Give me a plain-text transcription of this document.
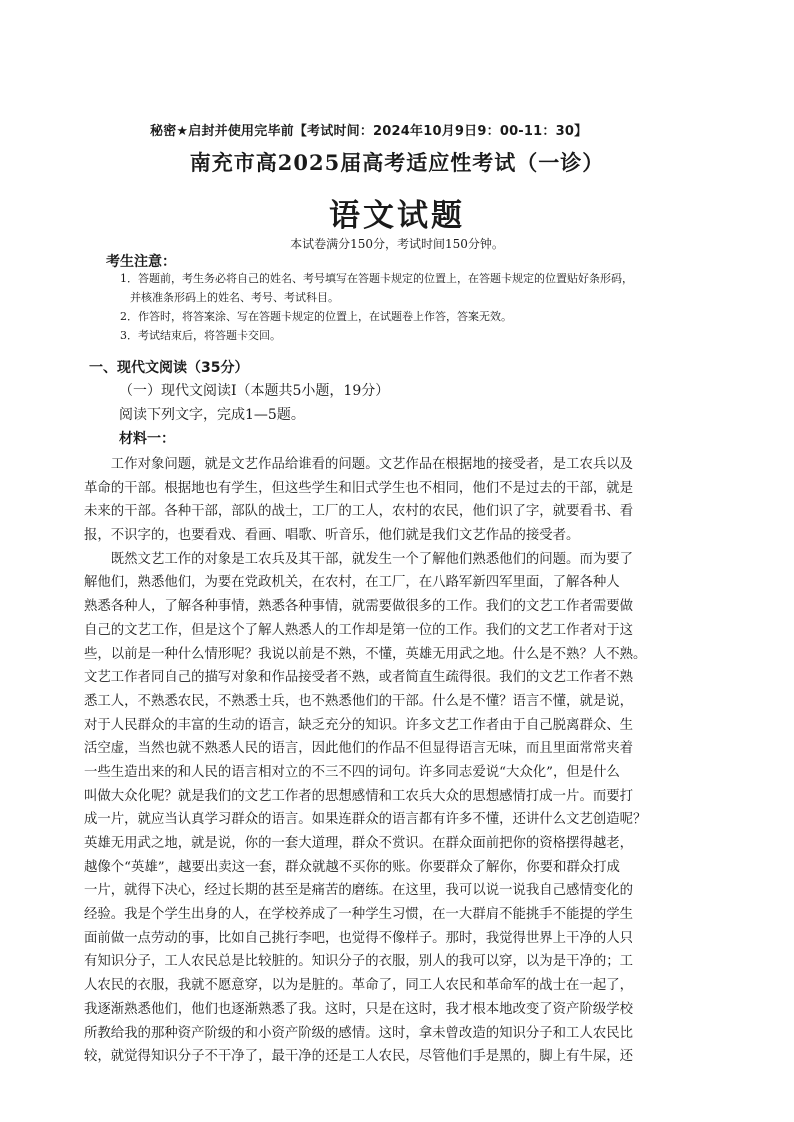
秘密★启封并使用完毕前【考试时间：2024年10月9日9：00-11：30】
南充市高2025届高考适应性考试（一诊）
语文试题
本试卷满分150分，考试时间150分钟。
考生注意：
1．答题前，考生务必将自己的姓名、考号填写在答题卡规定的位置上，在答题卡规定的位置贴好条形码，
并核准条形码上的姓名、考号、考试科目。
2．作答时，将答案涂、写在答题卡规定的位置上，在试题卷上作答，答案无效。
3．考试结束后，将答题卡交回。
一、现代文阅读（35分）
（一）现代文阅读Ⅰ（本题共5小题，19分）
阅读下列文字，完成1—5题。
材料一：
　　工作对象问题，就是文艺作品给谁看的问题。文艺作品在根据地的接受者，是工农兵以及
革命的干部。根据地也有学生，但这些学生和旧式学生也不相同，他们不是过去的干部，就是
未来的干部。各种干部，部队的战士，工厂的工人，农村的农民，他们识了字，就要看书、看
报，不识字的，也要看戏、看画、唱歌、听音乐，他们就是我们文艺作品的接受者。
　　既然文艺工作的对象是工农兵及其干部，就发生一个了解他们熟悉他们的问题。而为要了
解他们，熟悉他们，为要在党政机关，在农村，在工厂，在八路军新四军里面，了解各种人
熟悉各种人，了解各种事情，熟悉各种事情，就需要做很多的工作。我们的文艺工作者需要做
自己的文艺工作，但是这个了解人熟悉人的工作却是第一位的工作。我们的文艺工作者对于这
些，以前是一种什么情形呢？我说以前是不熟，不懂，英雄无用武之地。什么是不熟？人不熟。
文艺工作者同自己的描写对象和作品接受者不熟，或者简直生疏得很。我们的文艺工作者不熟
悉工人，不熟悉农民，不熟悉士兵，也不熟悉他们的干部。什么是不懂？语言不懂，就是说，
对于人民群众的丰富的生动的语言，缺乏充分的知识。许多文艺工作者由于自己脱离群众、生
活空虚，当然也就不熟悉人民的语言，因此他们的作品不但显得语言无味，而且里面常常夹着
一些生造出来的和人民的语言相对立的不三不四的词句。许多同志爱说“大众化”，但是什么
叫做大众化呢？就是我们的文艺工作者的思想感情和工农兵大众的思想感情打成一片。而要打
成一片，就应当认真学习群众的语言。如果连群众的语言都有许多不懂，还讲什么文艺创造呢？
英雄无用武之地，就是说，你的一套大道理，群众不赏识。在群众面前把你的资格摆得越老，
越像个“英雄”，越要出卖这一套，群众就越不买你的账。你要群众了解你，你要和群众打成
一片，就得下决心，经过长期的甚至是痛苦的磨练。在这里，我可以说一说我自己感情变化的
经验。我是个学生出身的人，在学校养成了一种学生习惯，在一大群肩不能挑手不能提的学生
面前做一点劳动的事，比如自己挑行李吧，也觉得不像样子。那时，我觉得世界上干净的人只
有知识分子，工人农民总是比较脏的。知识分子的衣服，别人的我可以穿，以为是干净的；工
人农民的衣服，我就不愿意穿，以为是脏的。革命了，同工人农民和革命军的战士在一起了，
我逐渐熟悉他们，他们也逐渐熟悉了我。这时，只是在这时，我才根本地改变了资产阶级学校
所教给我的那种资产阶级的和小资产阶级的感情。这时，拿未曾改造的知识分子和工人农民比
较，就觉得知识分子不干净了，最干净的还是工人农民，尽管他们手是黑的，脚上有牛屎，还
